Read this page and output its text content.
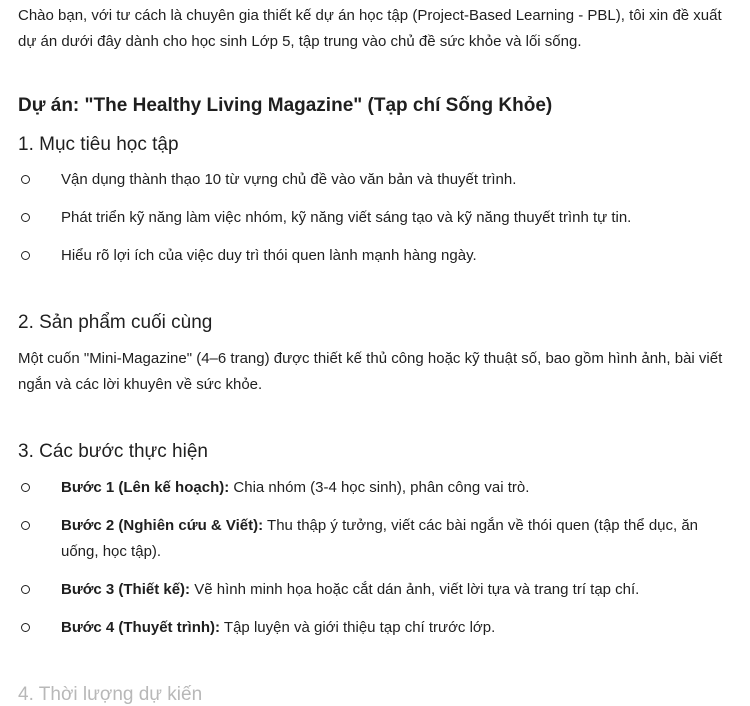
Chào bạn, với tư cách là chuyên gia thiết kế dự án học tập (Project-Based Learning - PBL), tôi xin đề xuất dự án dưới đây dành cho học sinh Lớp 5, tập trung vào chủ đề sức khỏe và lối sống.
Dự án: "The Healthy Living Magazine" (Tạp chí Sống Khỏe)
1. Mục tiêu học tập
Vận dụng thành thạo 10 từ vựng chủ đề vào văn bản và thuyết trình.
Phát triển kỹ năng làm việc nhóm, kỹ năng viết sáng tạo và kỹ năng thuyết trình tự tin.
Hiểu rõ lợi ích của việc duy trì thói quen lành mạnh hàng ngày.
2. Sản phẩm cuối cùng
Một cuốn "Mini-Magazine" (4–6 trang) được thiết kế thủ công hoặc kỹ thuật số, bao gồm hình ảnh, bài viết ngắn và các lời khuyên về sức khỏe.
3. Các bước thực hiện
Bước 1 (Lên kế hoạch): Chia nhóm (3-4 học sinh), phân công vai trò.
Bước 2 (Nghiên cứu & Viết): Thu thập ý tưởng, viết các bài ngắn về thói quen (tập thể dục, ăn uống, học tập).
Bước 3 (Thiết kế): Vẽ hình minh họa hoặc cắt dán ảnh, viết lời tựa và trang trí tạp chí.
Bước 4 (Thuyết trình): Tập luyện và giới thiệu tạp chí trước lớp.
4. Thời lượng dự kiến
